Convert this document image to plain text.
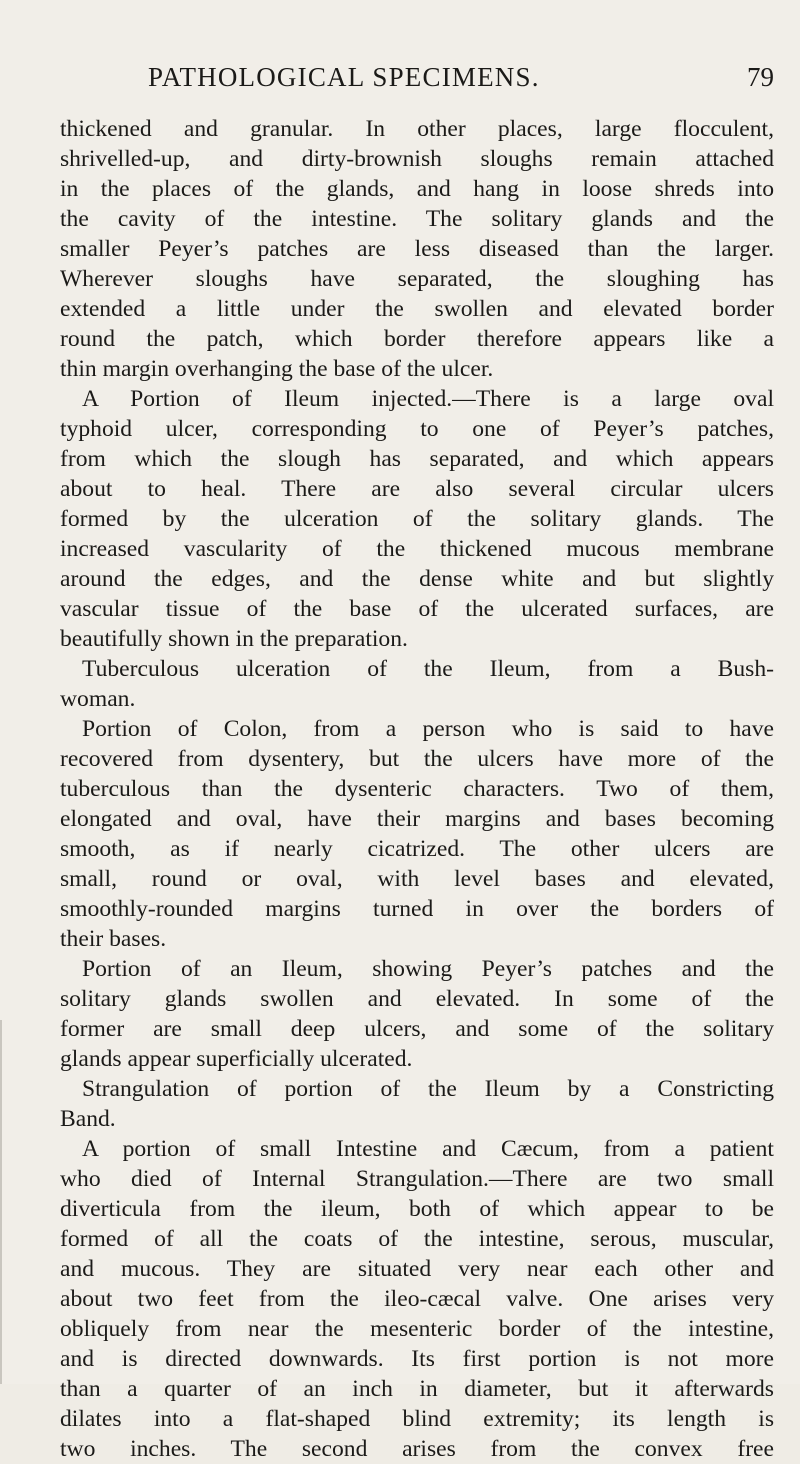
PATHOLOGICAL SPECIMENS.	79
thickened and granular. In other places, large flocculent,
shrivelled-up, and dirty-brownish sloughs remain attached
in the places of the glands, and hang in loose shreds into
the cavity of the intestine. The solitary glands and the
smaller Peyer’s patches are less diseased than the larger.
Wherever sloughs have separated, the sloughing has
extended a little under the swollen and elevated border
round the patch, which border therefore appears like a
thin margin overhanging the base of the ulcer.
A Portion of Ileum injected.—There is a large oval
typhoid ulcer, corresponding to one of Peyer’s patches,
from which the slough has separated, and which appears
about to heal. There are also several circular ulcers
formed by the ulceration of the solitary glands. The
increased vascularity of the thickened mucous membrane
around the edges, and the dense white and but slightly
vascular tissue of the base of the ulcerated surfaces, are
beautifully shown in the preparation.
Tuberculous ulceration of the Ileum, from a Bush-
woman.
Portion of Colon, from a person who is said to have
recovered from dysentery, but the ulcers have more of the
tuberculous than the dysenteric characters. Two of them,
elongated and oval, have their margins and bases becoming
smooth, as if nearly cicatrized. The other ulcers are
small, round or oval, with level bases and elevated,
smoothly-rounded margins turned in over the borders of
their bases.
Portion of an Ileum, showing Peyer’s patches and the
solitary glands swollen and elevated. In some of the
former are small deep ulcers, and some of the solitary
glands appear superficially ulcerated.
Strangulation of portion of the Ileum by a Constricting
Band.
A portion of small Intestine and Cæcum, from a patient
who died of Internal Strangulation.—There are two small
diverticula from the ileum, both of which appear to be
formed of all the coats of the intestine, serous, muscular,
and mucous. They are situated very near each other and
about two feet from the ileo-cæcal valve. One arises very
obliquely from near the mesenteric border of the intestine,
and is directed downwards. Its first portion is not more
than a quarter of an inch in diameter, but it afterwards
dilates into a flat-shaped blind extremity; its length is
two inches. The second arises from the convex free
